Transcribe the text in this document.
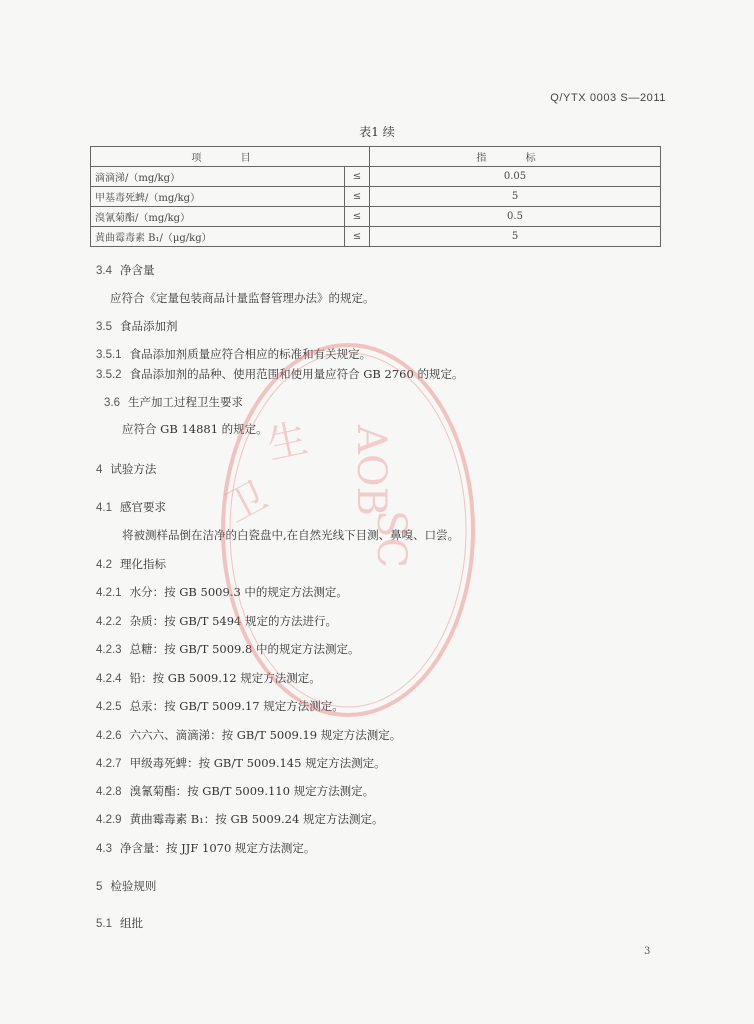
Q/YTX 0003 S—2011
表1 续
项 目		指 标
滴滴涕/（mg/kg）	≤	0.05
甲基毒死蜱/（mg/kg）	≤	5
溴氰菊酯/（mg/kg）	≤	0.5
黄曲霉毒素 B₁/（μg/kg）	≤	5
3.4 净含量
应符合《定量包装商品计量监督管理办法》的规定。
3.5 食品添加剂
3.5.1 食品添加剂质量应符合相应的标准和有关规定。
3.5.2 食品添加剂的品种、使用范围和使用量应符合 GB 2760 的规定。
3.6 生产加工过程卫生要求
应符合 GB 14881 的规定。
4 试验方法
4.1 感官要求
将被测样品倒在洁净的白瓷盘中,在自然光线下目测、鼻嗅、口尝。
4.2 理化指标
4.2.1 水分：按 GB 5009.3 中的规定方法测定。
4.2.2 杂质：按 GB/T 5494 规定的方法进行。
4.2.3 总糖：按 GB/T 5009.8 中的规定方法测定。
4.2.4 铅：按 GB 5009.12 规定方法测定。
4.2.5 总汞：按 GB/T 5009.17 规定方法测定。
4.2.6 六六六、滴滴涕：按 GB/T 5009.19 规定方法测定。
4.2.7 甲级毒死蜱：按 GB/T 5009.145 规定方法测定。
4.2.8 溴氰菊酯：按 GB/T 5009.110 规定方法测定。
4.2.9 黄曲霉毒素 B₁：按 GB 5009.24 规定方法测定。
4.3 净含量：按 JJF 1070 规定方法测定。
5 检验规则
5.1 组批
卫
生 AOB
SC
3
